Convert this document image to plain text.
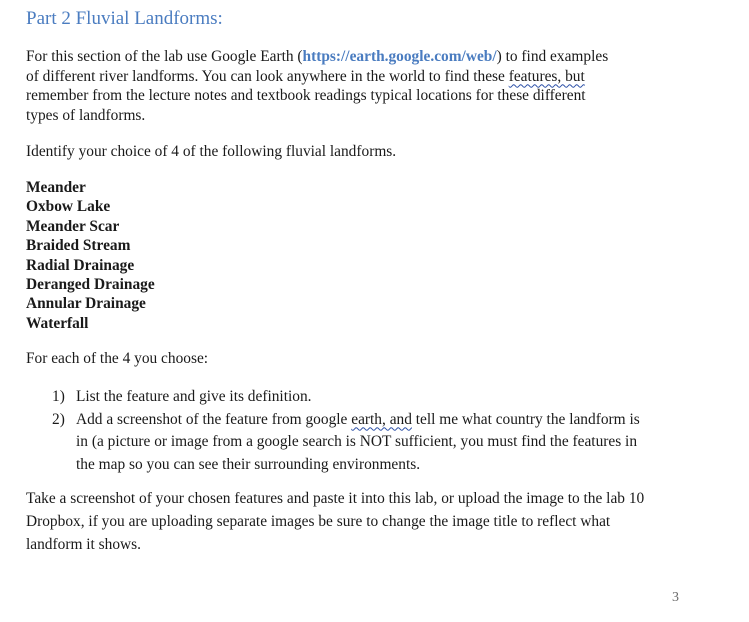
Part 2 Fluvial Landforms:
For this section of the lab use Google Earth (https://earth.google.com/web/) to find examples
of different river landforms. You can look anywhere in the world to find these features, but
remember from the lecture notes and textbook readings typical locations for these different
types of landforms.
Identify your choice of 4 of the following fluvial landforms.
Meander
Oxbow Lake
Meander Scar
Braided Stream
Radial Drainage
Deranged Drainage
Annular Drainage
Waterfall
For each of the 4 you choose:
1) List the feature and give its definition.
2) Add a screenshot of the feature from google earth, and tell me what country the landform is
in (a picture or image from a google search is NOT sufficient, you must find the features in
the map so you can see their surrounding environments.
Take a screenshot of your chosen features and paste it into this lab, or upload the image to the lab 10
Dropbox, if you are uploading separate images be sure to change the image title to reflect what
landform it shows.
3
